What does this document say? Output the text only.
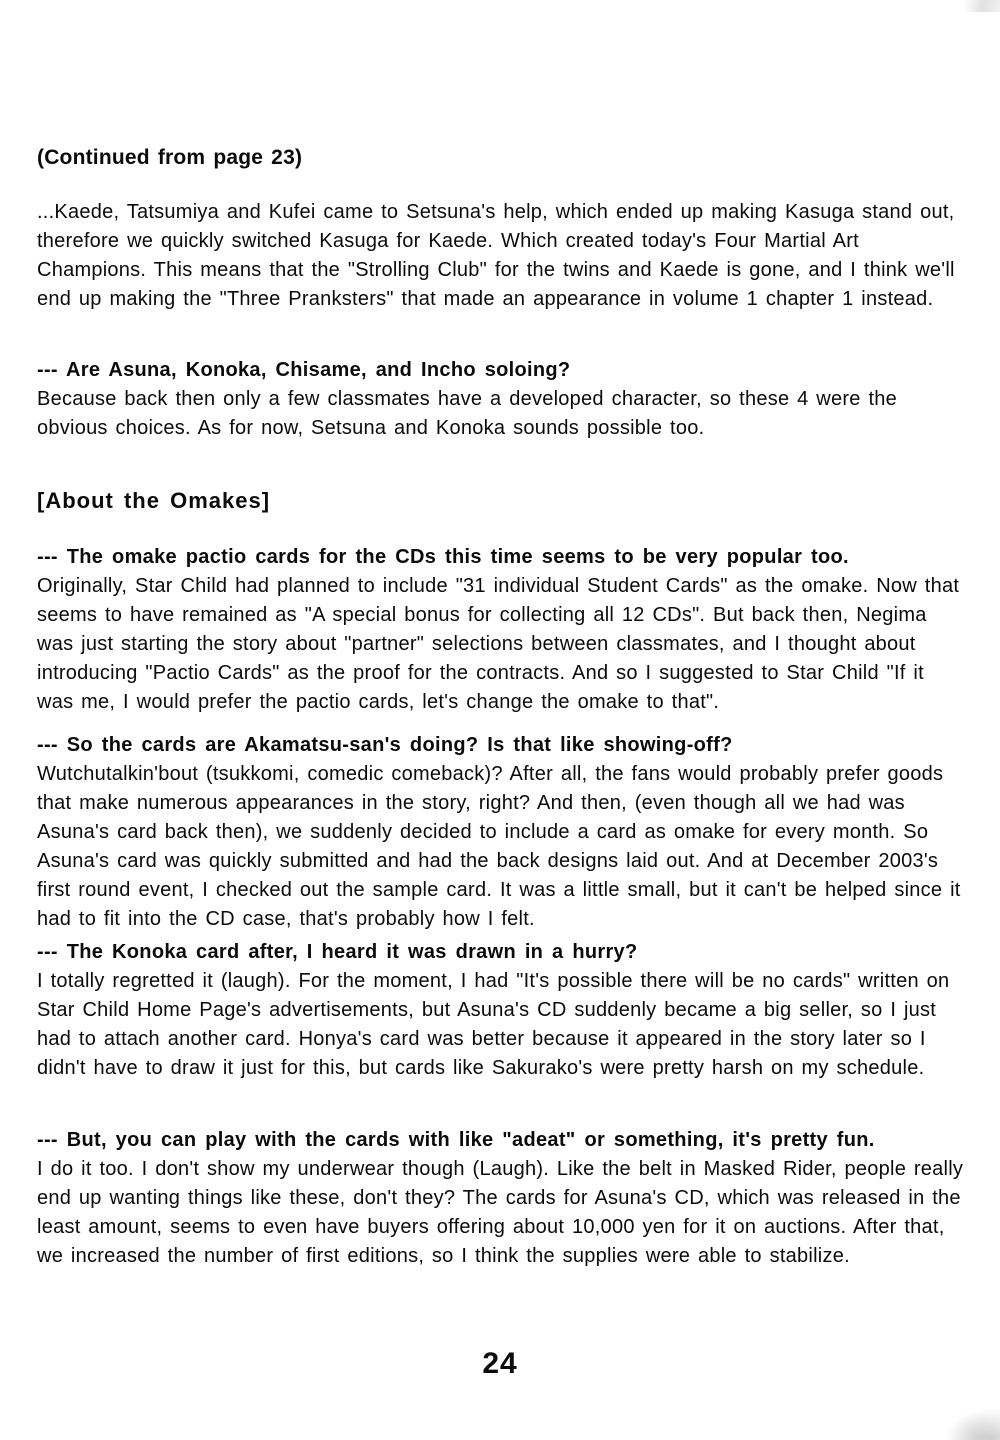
(Continued from page 23)

...Kaede, Tatsumiya and Kufei came to Setsuna's help, which ended up making Kasuga stand out, therefore we quickly switched Kasuga for Kaede. Which created today's Four Martial Art Champions. This means that the "Strolling Club" for the twins and Kaede is gone, and I think we'll end up making the "Three Pranksters" that made an appearance in volume 1 chapter 1 instead.

--- Are Asuna, Konoka, Chisame, and Incho soloing?

Because back then only a few classmates have a developed character, so these 4 were the obvious choices. As for now, Setsuna and Konoka sounds possible too.

[About the Omakes]
--- The omake pactio cards for the CDs this time seems to be very popular too.

Originally, Star Child had planned to include "31 individual Student Cards" as the omake. Now that seems to have remained as "A special bonus for collecting all 12 CDs". But back then, Negima was just starting the story about "partner" selections between classmates, and I thought about introducing "Pactio Cards" as the proof for the contracts. And so I suggested to Star Child "If it was me, I would prefer the pactio cards, let's change the omake to that".

--- So the cards are Akamatsu-san's doing? Is that like showing-off?

Wutchutalkin'bout (tsukkomi, comedic comeback)? After all, the fans would probably prefer goods that make numerous appearances in the story, right? And then, (even though all we had was Asuna's card back then), we suddenly decided to include a card as omake for every month. So Asuna's card was quickly submitted and had the back designs laid out. And at December 2003's first round event, I checked out the sample card. It was a little small, but it can't be helped since it had to fit into the CD case, that's probably how I felt.

--- The Konoka card after, I heard it was drawn in a hurry?

I totally regretted it (laugh). For the moment, I had "It's possible there will be no cards" written on Star Child Home Page's advertisements, but Asuna's CD suddenly became a big seller, so I just had to attach another card. Honya's card was better because it appeared in the story later so I didn't have to draw it just for this, but cards like Sakurako's were pretty harsh on my schedule.

--- But, you can play with the cards with like "adeat" or something, it's pretty fun.

I do it too. I don't show my underwear though (Laugh). Like the belt in Masked Rider, people really end up wanting things like these, don't they? The cards for Asuna's CD, which was released in the least amount, seems to even have buyers offering about 10,000 yen for it on auctions. After that, we increased the number of first editions, so I think the supplies were able to stabilize.

24
